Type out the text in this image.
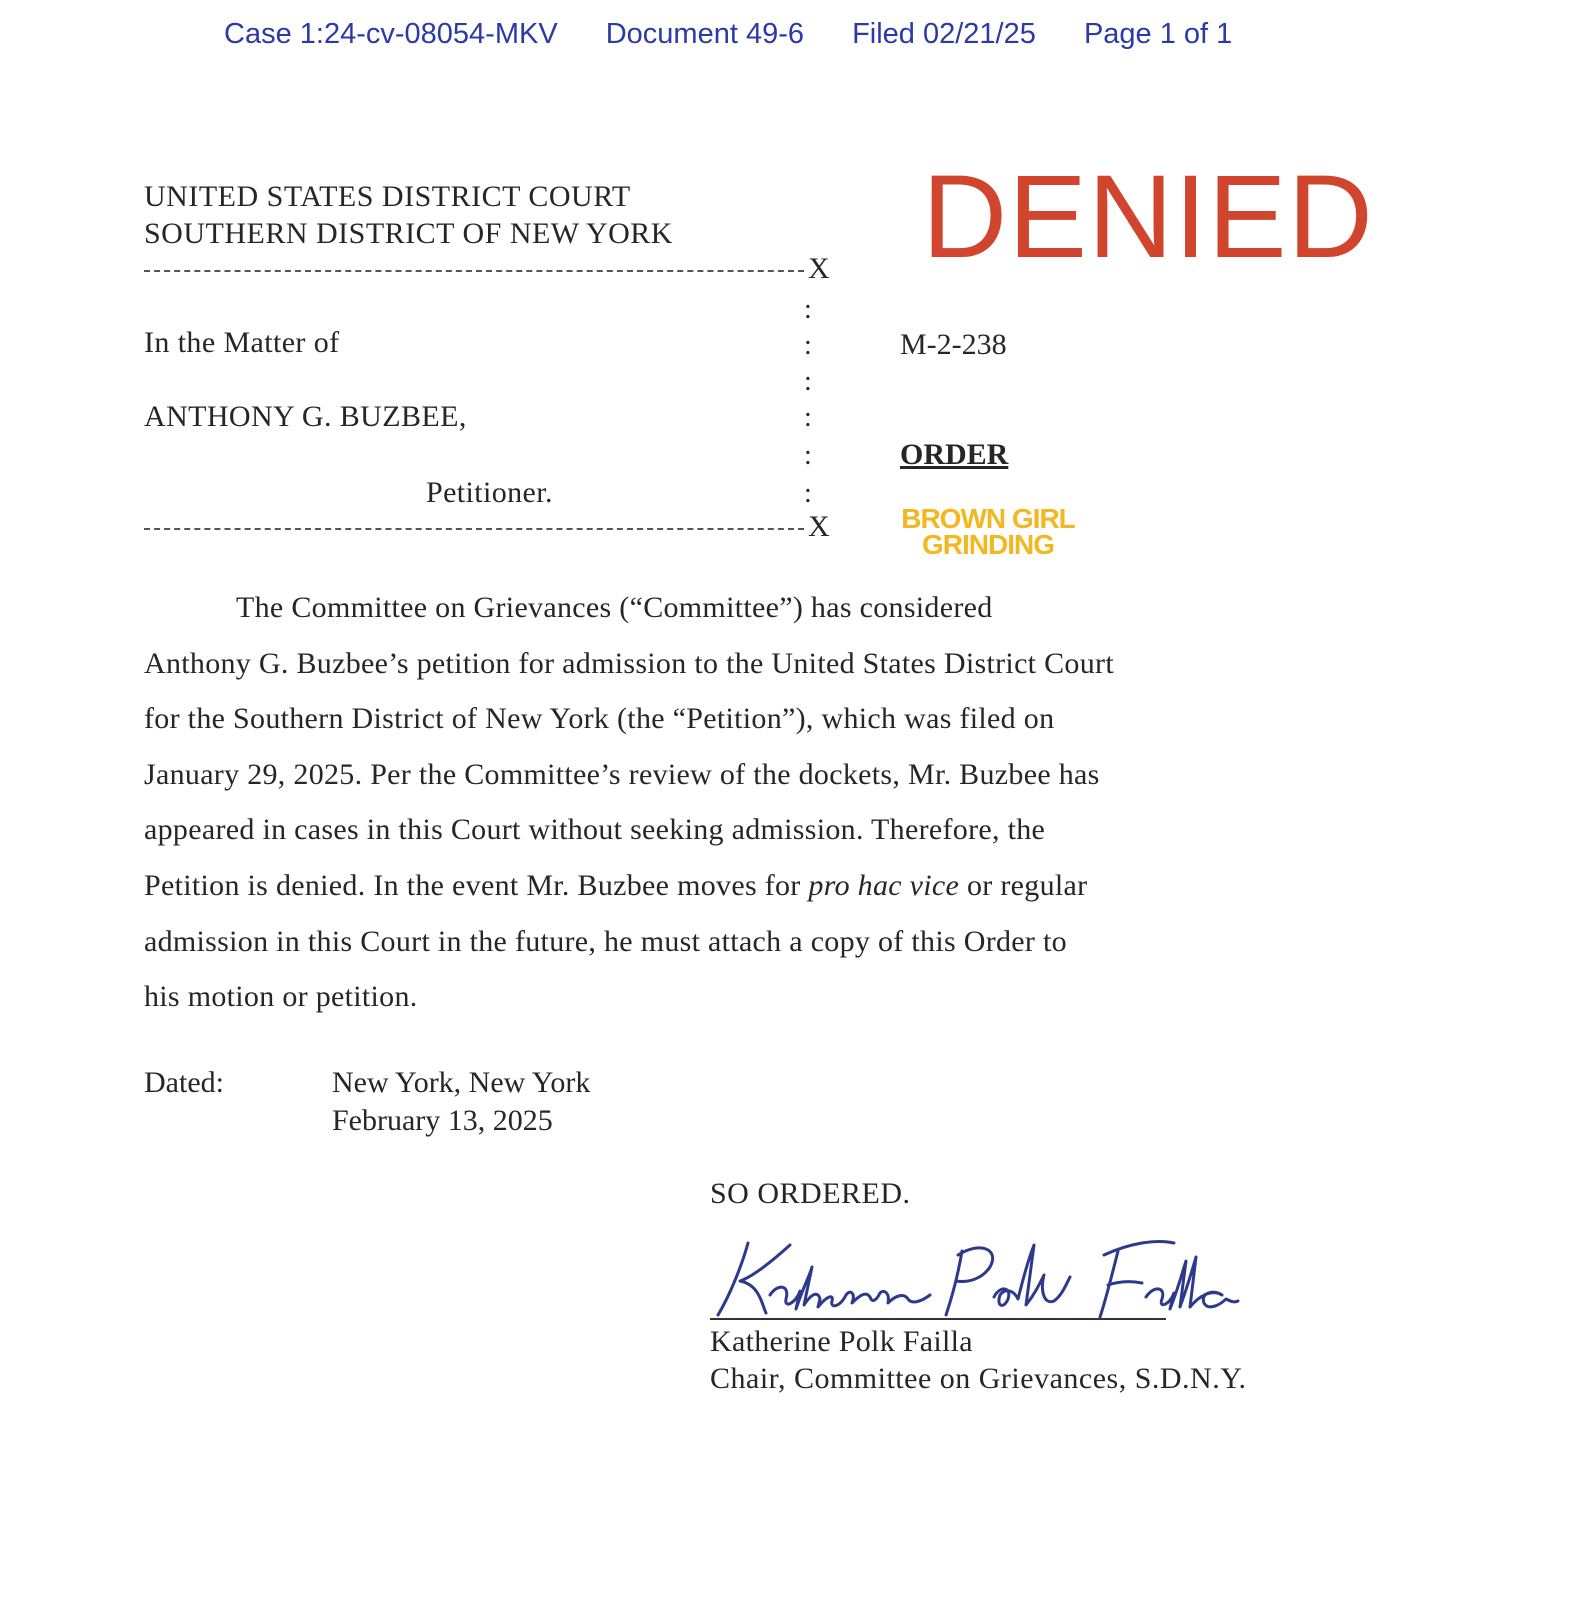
Case 1:24-cv-08054-MKV Document 49-6 Filed 02/21/25 Page 1 of 1
UNITED STATES DISTRICT COURT
SOUTHERN DISTRICT OF NEW YORK DENIED
X
:
:
:
:
:
:
In the Matter of
ANTHONY G. BUZBEE,
Petitioner.
X
M-2-238
ORDER
BROWN GIRL
GRINDING
The Committee on Grievances (“Committee”) has considered
Anthony G. Buzbee’s petition for admission to the United States District Court
for the Southern District of New York (the “Petition”), which was filed on
January 29, 2025. Per the Committee’s review of the dockets, Mr. Buzbee has
appeared in cases in this Court without seeking admission. Therefore, the
Petition is denied. In the event Mr. Buzbee moves for pro hac vice or regular
admission in this Court in the future, he must attach a copy of this Order to
his motion or petition.
Dated:	New York, New York
February 13, 2025
SO ORDERED.
Katherine Polk Failla
Chair, Committee on Grievances, S.D.N.Y.
